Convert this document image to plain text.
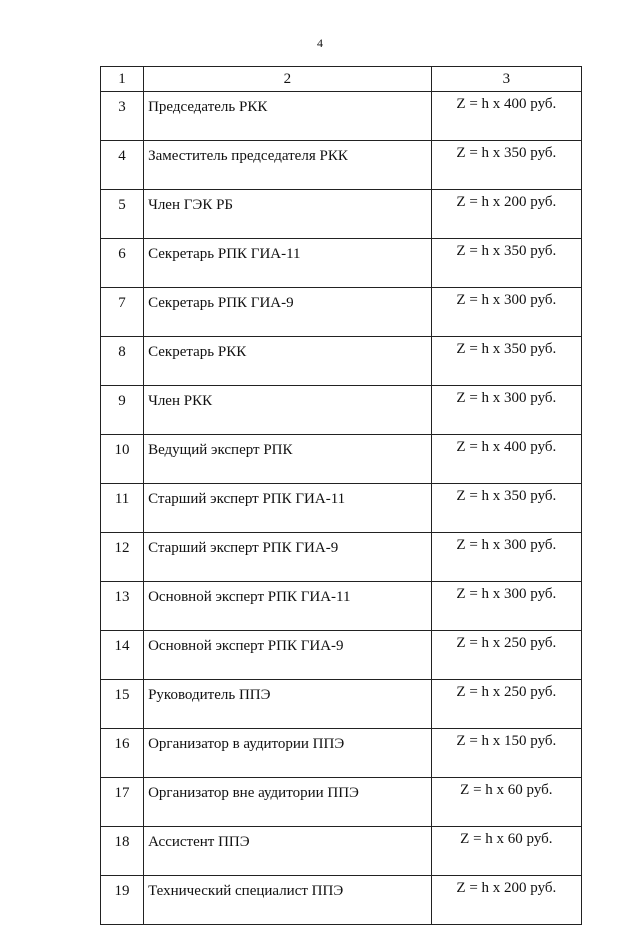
4
1	2	3
3	Председатель РКК	Z = h x 400 руб.
4	Заместитель председателя РКК	Z = h x 350 руб.
5	Член ГЭК РБ	Z = h x 200 руб.
6	Секретарь РПК ГИА-11	Z = h x 350 руб.
7	Секретарь РПК ГИА-9	Z = h x 300 руб.
8	Секретарь РКК	Z = h x 350 руб.
9	Член РКК	Z = h x 300 руб.
10	Ведущий эксперт РПК	Z = h x 400 руб.
11	Старший эксперт РПК ГИА-11	Z = h x 350 руб.
12	Старший эксперт РПК ГИА-9	Z = h x 300 руб.
13	Основной эксперт РПК ГИА-11	Z = h x 300 руб.
14	Основной эксперт РПК ГИА-9	Z = h x 250 руб.
15	Руководитель ППЭ	Z = h x 250 руб.
16	Организатор в аудитории ППЭ	Z = h x 150 руб.
17	Организатор вне аудитории ППЭ	Z = h x 60 руб.
18	Ассистент ППЭ	Z = h x 60 руб.
19	Технический специалист ППЭ	Z = h x 200 руб.
